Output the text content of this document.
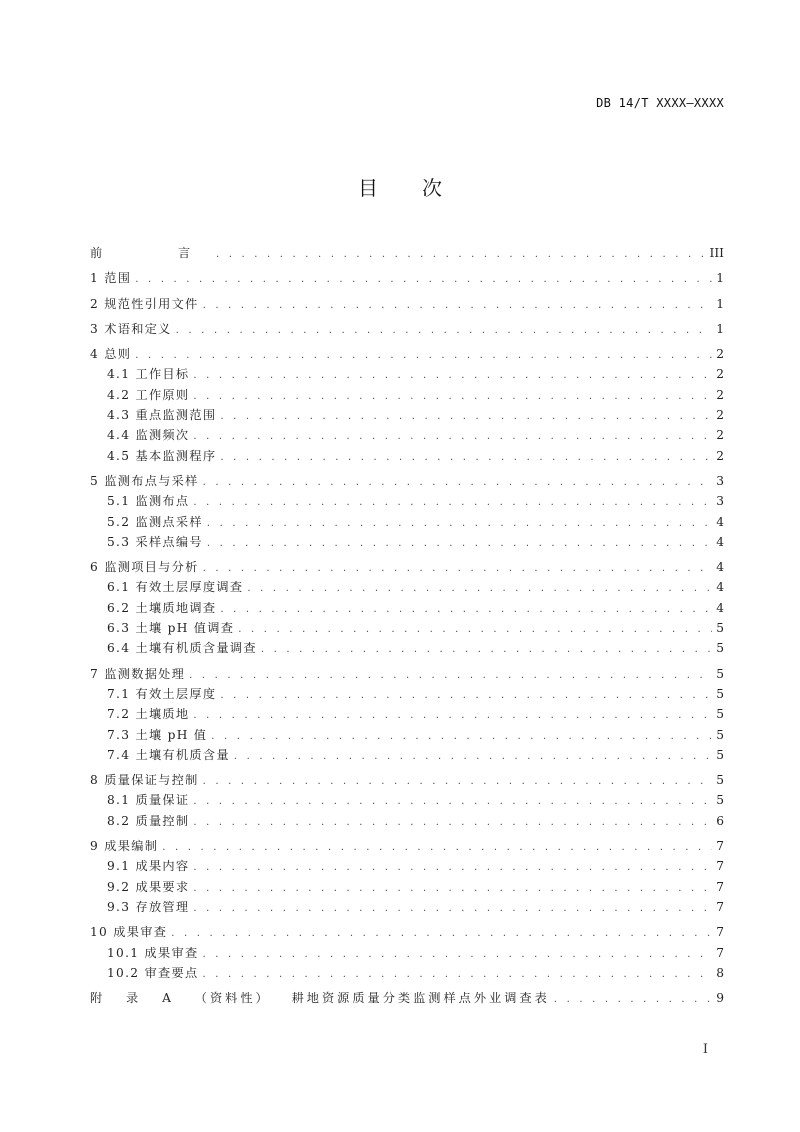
DB 14/T XXXX—XXXX
目 次
前 言 . . .	III
1 范围 . . .	1
2 规范性引用文件 . . .	1
3 术语和定义 . . .	1
4 总则 . . .	2
4.1 工作目标 . . .	2
4.2 工作原则 . . .	2
4.3 重点监测范围 . . .	2
4.4 监测频次 . . .	2
4.5 基本监测程序 . . .	2
5 监测布点与采样 . . .	3
5.1 监测布点 . . .	3
5.2 监测点采样 . . .	4
5.3 采样点编号 . . .	4
6 监测项目与分析 . . .	4
6.1 有效土层厚度调查 . . .	4
6.2 土壤质地调查 . . .	4
6.3 土壤 pH 值调查 . . .	5
6.4 土壤有机质含量调查 . . .	5
7 监测数据处理 . . .	5
7.1 有效土层厚度 . . .	5
7.2 土壤质地 . . .	5
7.3 土壤 pH 值 . . .	5
7.4 土壤有机质含量 . . .	5
8 质量保证与控制 . . .	5
8.1 质量保证 . . .	5
8.2 质量控制 . . .	6
9 成果编制 . . .	7
9.1 成果内容 . . .	7
9.2 成果要求 . . .	7
9.3 存放管理 . . .	7
10 成果审查 . . .	7
10.1 成果审查 . . .	7
10.2 审查要点 . . .	8
附 录 A （资料性） 耕地资源质量分类监测样点外业调查表 . . .	9
I
